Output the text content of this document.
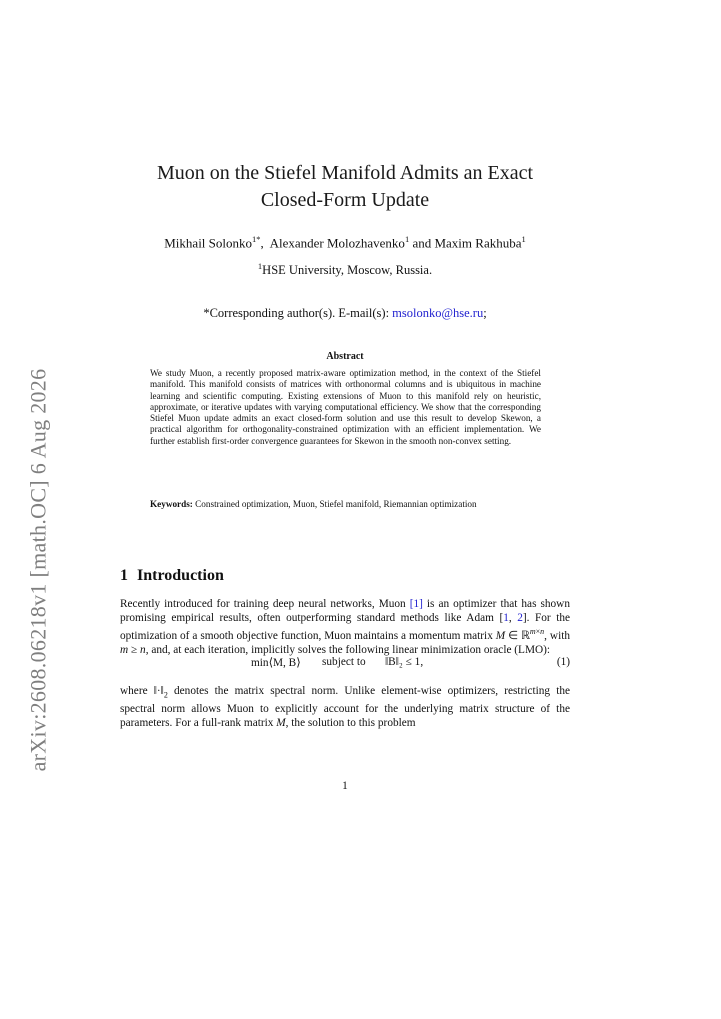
arXiv:2608.06218v1 [math.OC] 6 Aug 2026
Muon on the Stiefel Manifold Admits an Exact
Closed-Form Update
Mikhail Solonko$^{1*}$,  Alexander Molozhavenko$^1$ and Maxim Rakhuba$^1$
$^1$HSE University, Moscow, Russia.
*Corresponding author(s). E-mail(s): msolonko@hse.ru;
Abstract
We study Muon, a recently proposed matrix-aware optimization method, in the context of the Stiefel manifold. This manifold consists of matrices with orthonormal columns and is ubiquitous in machine learning and scientific computing. Existing extensions of Muon to this manifold rely on heuristic, approximate, or iterative updates with varying computational efficiency. We show that the corresponding Stiefel Muon update admits an exact closed-form solution and use this result to develop Skewon, a practical algorithm for orthogonality-constrained optimization with an efficient implementation. We further establish first-order convergence guarantees for Skewon in the smooth non-convex setting.
Keywords: Constrained optimization, Muon, Stiefel manifold, Riemannian optimization
1 Introduction
Recently introduced for training deep neural networks, Muon [1] is an optimizer that has shown promising empirical results, often outperforming standard methods like Adam [1, 2]. For the optimization of a smooth objective function, Muon maintains a momentum matrix M ∈ ℝ$^{m\times n}$, with m ≥ n, and, at each iteration, implicitly solves the following linear minimization oracle (LMO):
min⟨M, B⟩ subject to ‖B‖₂ ≤ 1,	(1)
where $‖\cdot‖_2$ denotes the matrix spectral norm. Unlike element-wise optimizers, restricting the spectral norm allows Muon to explicitly account for the underlying matrix structure of the parameters. For a full-rank matrix M, the solution to this problem
1
